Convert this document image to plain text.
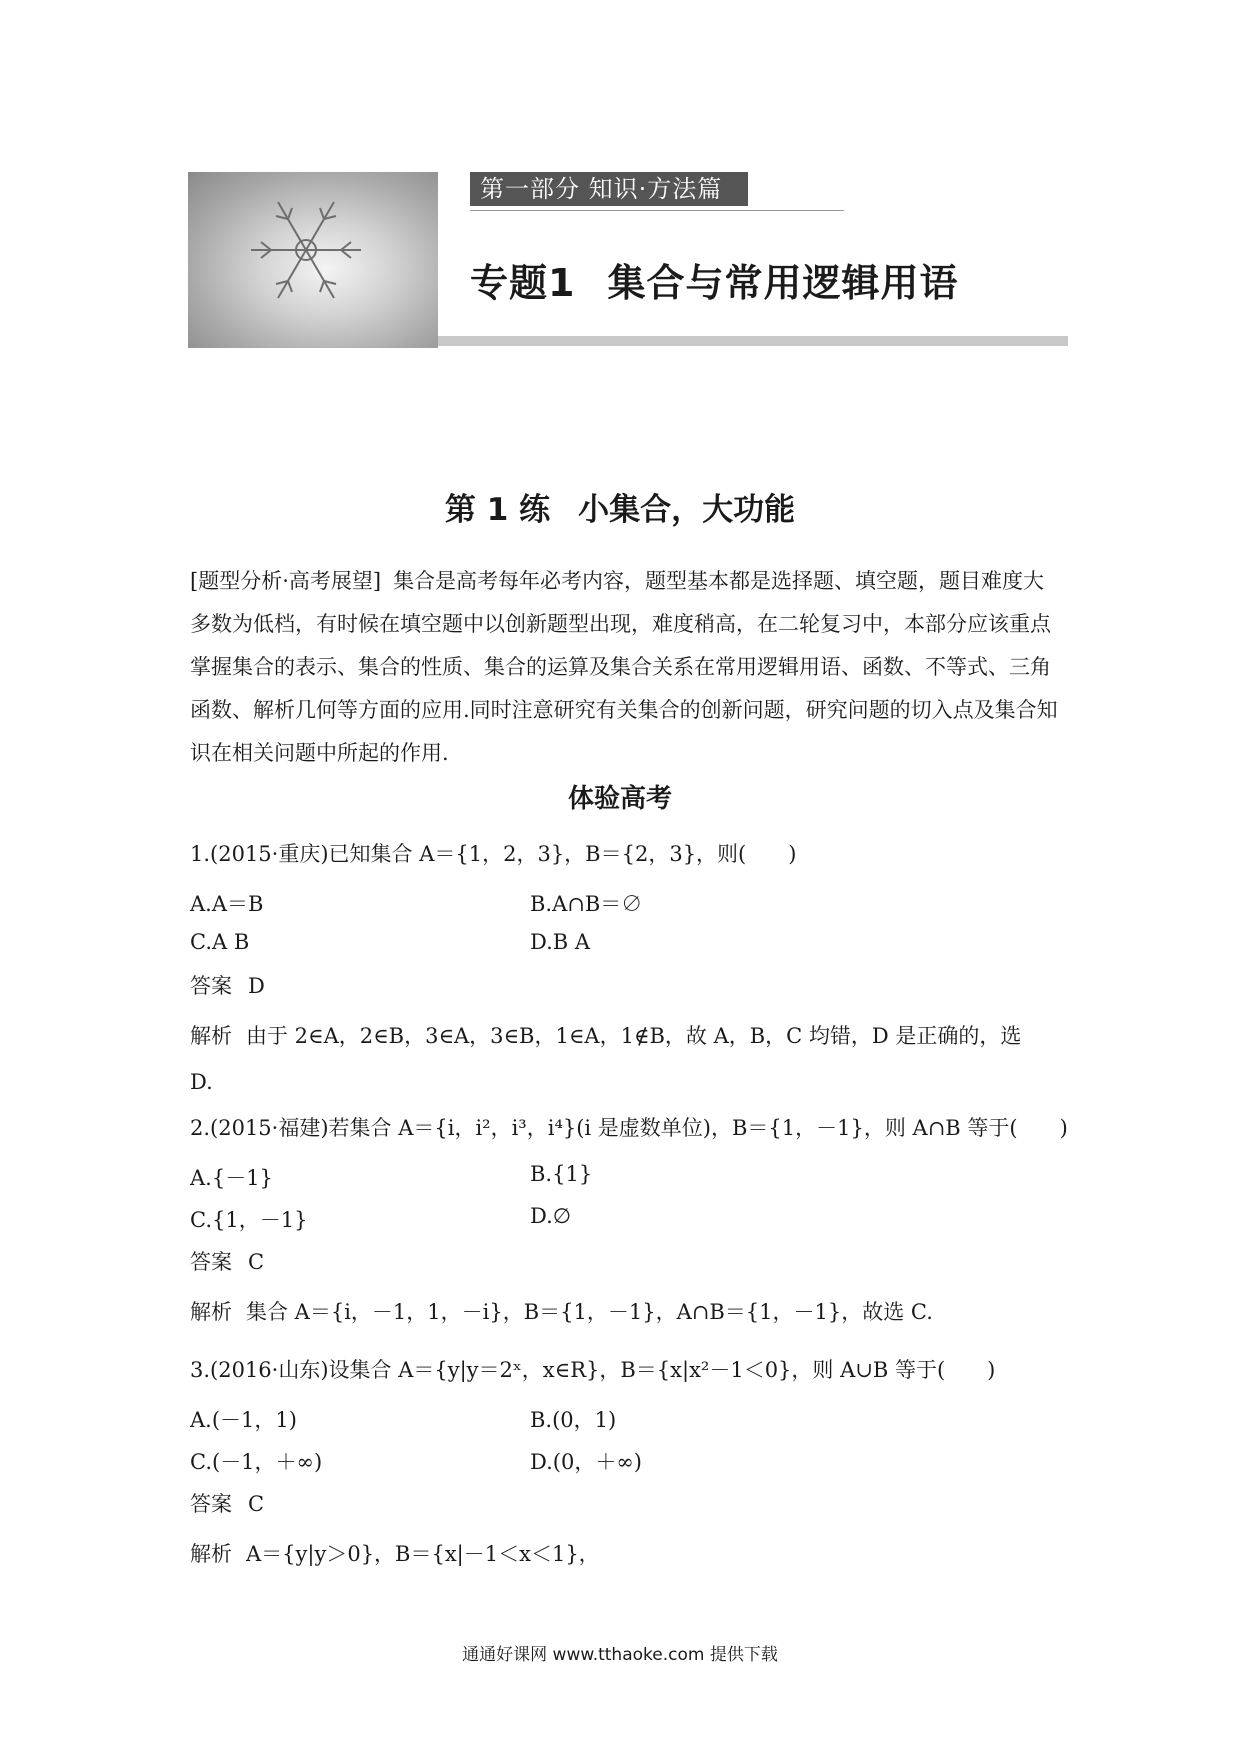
第一部分 知识·方法篇
专题1 集合与常用逻辑用语
第 1 练 小集合，大功能
[题型分析·高考展望] 集合是高考每年必考内容，题型基本都是选择题、填空题，题目难度大多数为低档，有时候在填空题中以创新题型出现，难度稍高，在二轮复习中，本部分应该重点掌握集合的表示、集合的性质、集合的运算及集合关系在常用逻辑用语、函数、不等式、三角函数、解析几何等方面的应用.同时注意研究有关集合的创新问题，研究问题的切入点及集合知识在相关问题中所起的作用.
体验高考
1.(2015·重庆)已知集合 A＝{1，2，3}，B＝{2，3}，则(　　)
A.A＝B	B.A∩B＝∅
C.A B	D.B A
答案 D
解析 由于 2∈A，2∈B，3∈A，3∈B，1∈A，1∉B，故 A，B，C 均错，D 是正确的，选
D.
2.(2015·福建)若集合 A＝{i，i²，i³，i⁴}(i 是虚数单位)，B＝{1，－1}，则 A∩B 等于(　　)
A.{－1}	B.{1}
C.{1，－1}	D.∅
答案 C
解析 集合 A＝{i，－1，1，－i}，B＝{1，－1}，A∩B＝{1，－1}，故选 C.
3.(2016·山东)设集合 A＝{y|y＝2ˣ，x∈R}，B＝{x|x²－1＜0}，则 A∪B 等于(　　)
A.(－1，1)	B.(0，1)
C.(－1，＋∞)	D.(0，＋∞)
答案 C
解析 A＝{y|y＞0}，B＝{x|－1＜x＜1}，
通通好课网 www.tthaoke.com 提供下载
